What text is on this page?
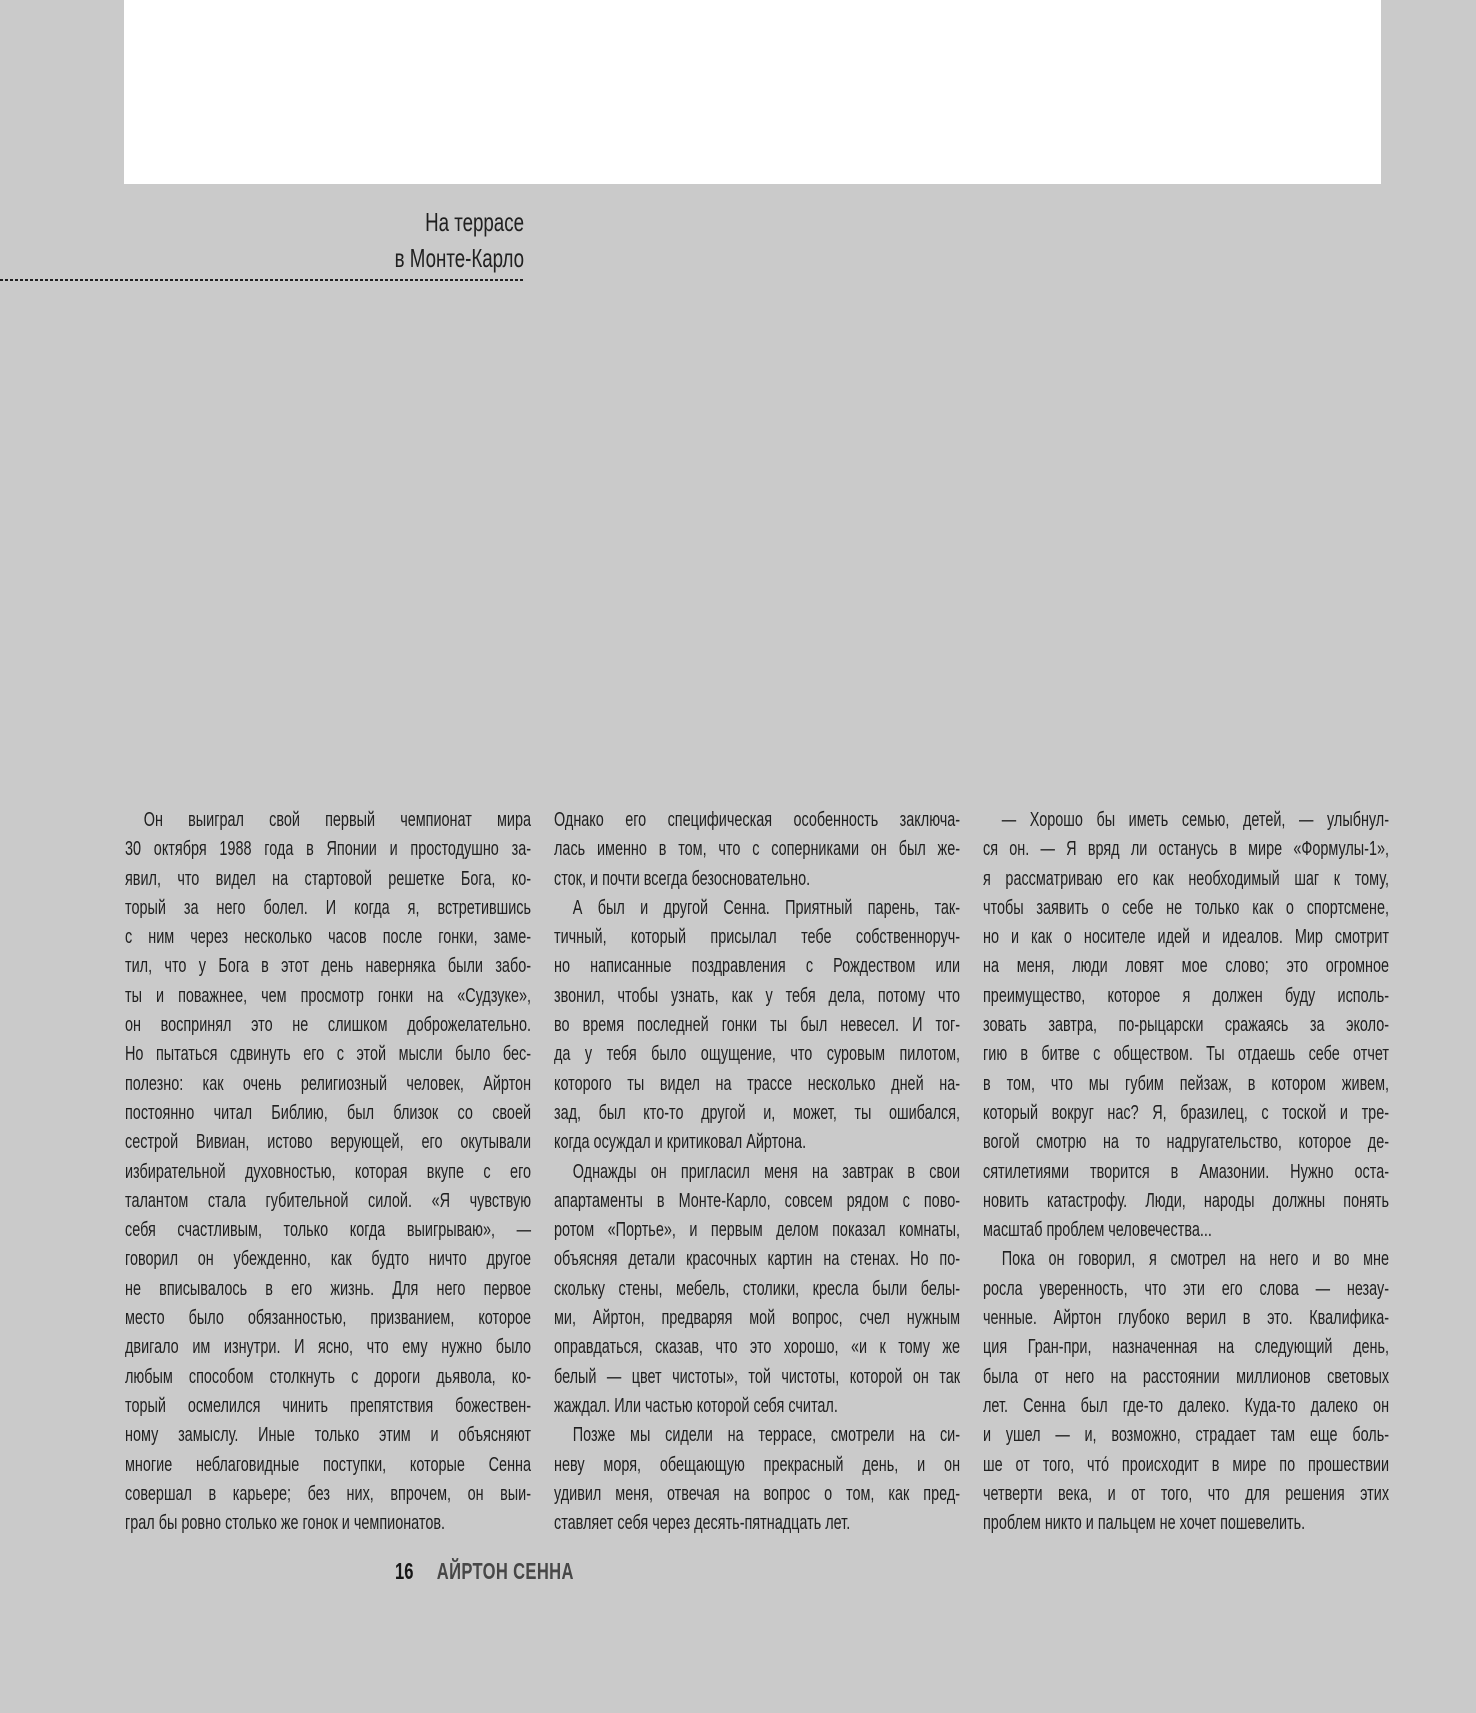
На террасе
в Монте-Карло
Он выиграл свой первый чемпионат мира
30 октября 1988 года в Японии и простодушно за-
явил, что видел на стартовой решетке Бога, ко-
торый за него болел. И когда я, встретившись
с ним через несколько часов после гонки, заме-
тил, что у Бога в этот день наверняка были забо-
ты и поважнее, чем просмотр гонки на «Судзуке»,
он воспринял это не слишком доброжелательно.
Но пытаться сдвинуть его с этой мысли было бес-
полезно: как очень религиозный человек, Айртон
постоянно читал Библию, был близок со своей
сестрой Вивиан, истово верующей, его окутывали
избирательной духовностью, которая вкупе с его
талантом стала губительной силой. «Я чувствую
себя счастливым, только когда выигрываю», —
говорил он убежденно, как будто ничто другое
не вписывалось в его жизнь. Для него первое
место было обязанностью, призванием, которое
двигало им изнутри. И ясно, что ему нужно было
любым способом столкнуть с дороги дьявола, ко-
торый осмелился чинить препятствия божествен-
ному замыслу. Иные только этим и объясняют
многие неблаговидные поступки, которые Сенна
совершал в карьере; без них, впрочем, он выи-
грал бы ровно столько же гонок и чемпионатов.
Однако его специфическая особенность заключа-
лась именно в том, что с соперниками он был же-
сток, и почти всегда безосновательно.
А был и другой Сенна. Приятный парень, так-
тичный, который присылал тебе собственноруч-
но написанные поздравления с Рождеством или
звонил, чтобы узнать, как у тебя дела, потому что
во время последней гонки ты был невесел. И тог-
да у тебя было ощущение, что суровым пилотом,
которого ты видел на трассе несколько дней на-
зад, был кто-то другой и, может, ты ошибался,
когда осуждал и критиковал Айртона.
Однажды он пригласил меня на завтрак в свои
апартаменты в Монте-Карло, совсем рядом с пово-
ротом «Портье», и первым делом показал комнаты,
объясняя детали красочных картин на стенах. Но по-
скольку стены, мебель, столики, кресла были белы-
ми, Айртон, предваряя мой вопрос, счел нужным
оправдаться, сказав, что это хорошо, «и к тому же
белый — цвет чистоты», той чистоты, которой он так
жаждал. Или частью которой себя считал.
Позже мы сидели на террасе, смотрели на си-
неву моря, обещающую прекрасный день, и он
удивил меня, отвечая на вопрос о том, как пред-
ставляет себя через десять-пятнадцать лет.
— Хорошо бы иметь семью, детей, — улыбнул-
ся он. — Я вряд ли останусь в мире «Формулы-1»,
я рассматриваю его как необходимый шаг к тому,
чтобы заявить о себе не только как о спортсмене,
но и как о носителе идей и идеалов. Мир смотрит
на меня, люди ловят мое слово; это огромное
преимущество, которое я должен буду исполь-
зовать завтра, по-рыцарски сражаясь за эколо-
гию в битве с обществом. Ты отдаешь себе отчет
в том, что мы губим пейзаж, в котором живем,
который вокруг нас? Я, бразилец, с тоской и тре-
вогой смотрю на то надругательство, которое де-
сятилетиями творится в Амазонии. Нужно оста-
новить катастрофу. Люди, народы должны понять
масштаб проблем человечества...
Пока он говорил, я смотрел на него и во мне
росла уверенность, что эти его слова — незау-
ченные. Айртон глубоко верил в это. Квалифика-
ция Гран-при, назначенная на следующий день,
была от него на расстоянии миллионов световых
лет. Сенна был где-то далеко. Куда-то далеко он
и ушел — и, возможно, страдает там еще боль-
ше от того, что́ происходит в мире по прошествии
четверти века, и от того, что для решения этих
проблем никто и пальцем не хочет пошевелить.
16 АЙРТОН СЕННА
